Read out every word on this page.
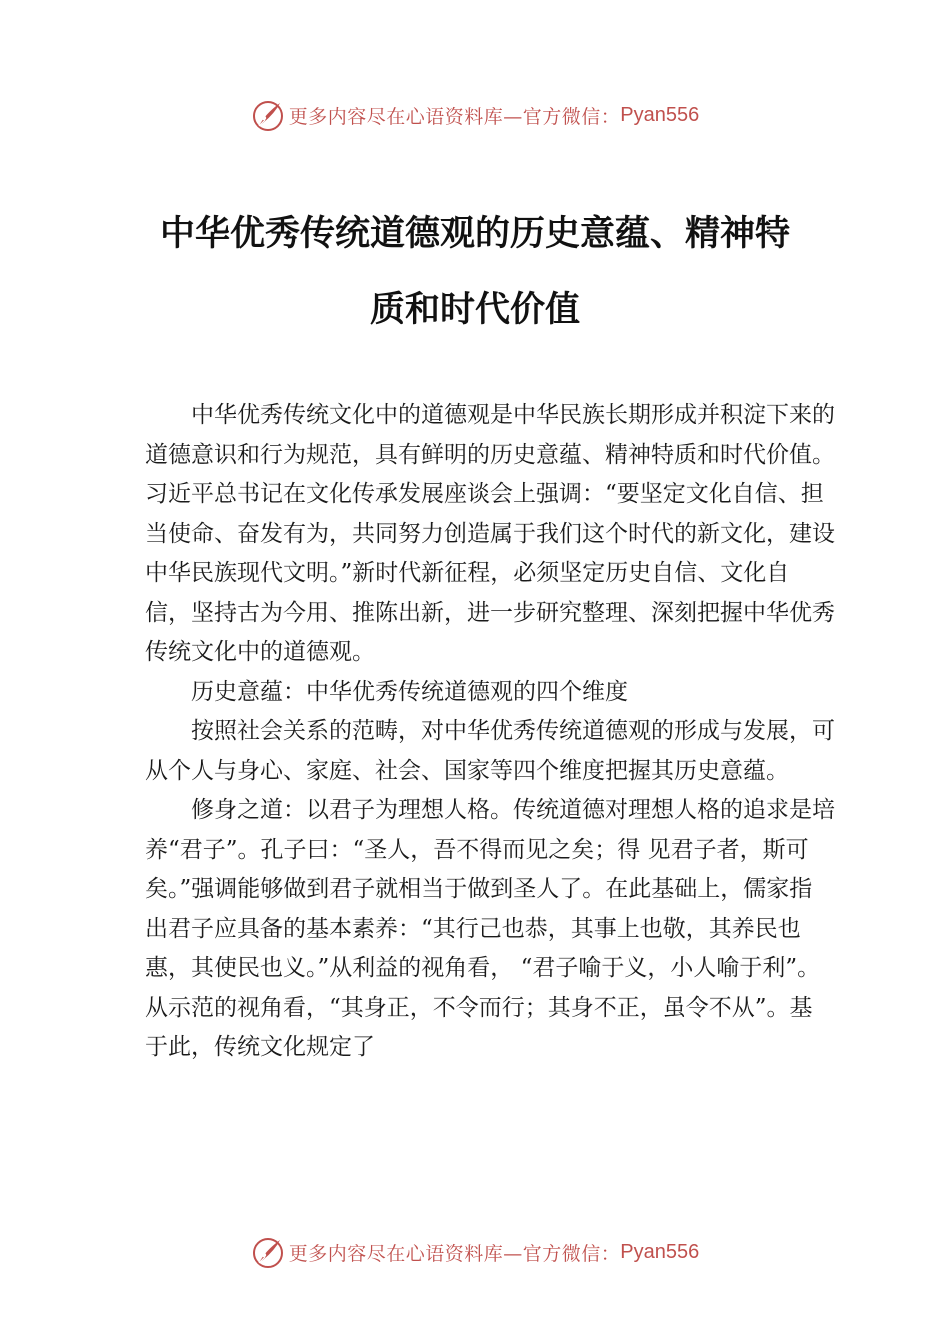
更多内容尽在心语资料库—官方微信： Pyan556
中华优秀传统道德观的历史意蕴、精神特
质和时代价值

中华优秀传统文化中的道德观是中华民族长期形成并积淀下来的道德意识和行为规范，具有鲜明的历史意蕴、精神特质和时代价值。习近平总书记在文化传承发展座谈会上强调：“要坚定文化自信、担当使命、奋发有为，共同努力创造属于我们这个时代的新文化，建设中华民族现代文明。”新时代新征程，必须坚定历史自信、文化自信，坚持古为今用、推陈出新，进一步研究整理、深刻把握中华优秀传统文化中的道德观。

历史意蕴：中华优秀传统道德观的四个维度

按照社会关系的范畴，对中华优秀传统道德观的形成与发展，可从个人与身心、家庭、社会、国家等四个维度把握其历史意蕴。

修身之道：以君子为理想人格。传统道德对理想人格的追求是培养“君子”。孔子曰：“圣人，吾不得而见之矣；得 见君子者，斯可矣。”强调能够做到君子就相当于做到圣人了。在此基础上，儒家指出君子应具备的基本素养：“其行己也恭，其事上也敬，其养民也惠，其使民也义。”从利益的视角看， “君子喻于义，小人喻于利”。从示范的视角看，“其身正，不令而行；其身不正，虽令不从”。基于此，传统文化规定了

更多内容尽在心语资料库—官方微信： Pyan556
